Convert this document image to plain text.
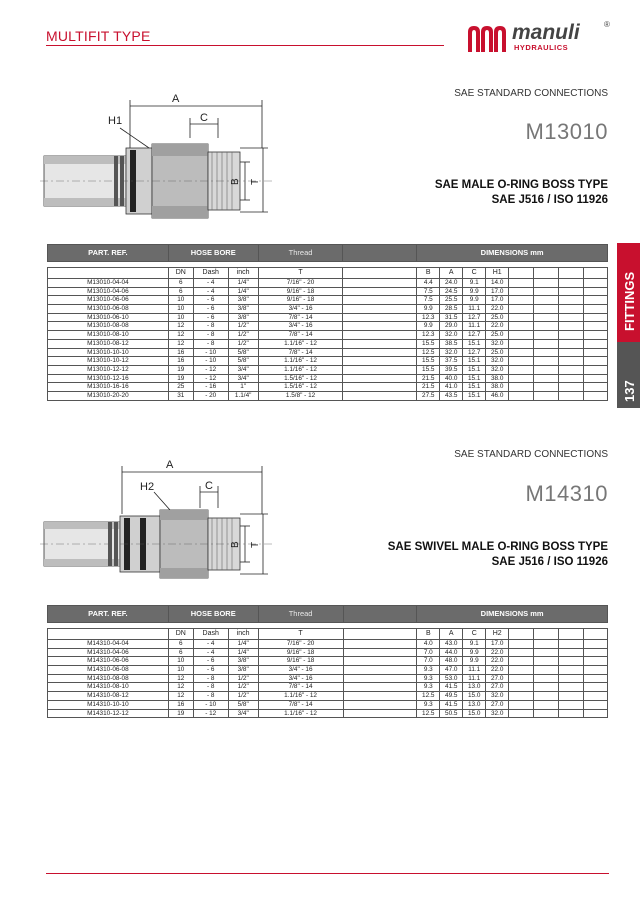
MULTIFIT TYPE	manuli
HYDRAULICS
®
FITTINGS
137
SAE STANDARD CONNECTIONS
M13010
SAE MALE O-RING BOSS TYPE
SAE J516 / ISO 11926
A
C
H1
B T
PART. REF.	HOSE BORE			Thread		DIMENSIONS mm							

	DN	Dash	inch	T		B	A	C	H1				
M13010-04-04	6	- 4	1/4"	7/16" - 20		4.4	24.0	9.1	14.0				
M13010-04-06	6	- 4	1/4"	9/16" - 18		7.5	24.5	9.9	17.0				
M13010-06-06	10	- 6	3/8"	9/16" - 18		7.5	25.5	9.9	17.0				
M13010-06-08	10	- 6	3/8"	3/4" - 16		9.9	28.5	11.1	22.0				
M13010-06-10	10	- 6	3/8"	7/8" - 14		12.3	31.5	12.7	25.0				
M13010-08-08	12	- 8	1/2"	3/4" - 16		9.9	29.0	11.1	22.0				
M13010-08-10	12	- 8	1/2"	7/8" - 14		12.3	32.0	12.7	25.0				
M13010-08-12	12	- 8	1/2"	1.1/16" - 12		15.5	38.5	15.1	32.0				
M13010-10-10	16	- 10	5/8"	7/8" - 14		12.5	32.0	12.7	25.0				
M13010-10-12	16	- 10	5/8"	1.1/16" - 12		15.5	37.5	15.1	32.0				
M13010-12-12	19	- 12	3/4"	1.1/16" - 12		15.5	39.5	15.1	32.0				
M13010-12-16	19	- 12	3/4"	1.5/16" - 12		21.5	40.0	15.1	38.0				
M13010-16-16	25	- 16	1"	1.5/16" - 12		21.5	41.0	15.1	38.0				
M13010-20-20	31	- 20	1.1/4"	1.5/8" - 12		27.5	43.5	15.1	46.0				
SAE STANDARD CONNECTIONS
M14310
SAE SWIVEL MALE O-RING BOSS TYPE
SAE J516 / ISO 11926
A
C
H2
B T
PART. REF.	HOSE BORE			Thread		DIMENSIONS mm							

	DN	Dash	inch	T		B	A	C	H2				
M14310-04-04	6	- 4	1/4"	7/16" - 20		4.0	43.0	9.1	17.0				
M14310-04-06	6	- 4	1/4"	9/16" - 18		7.0	44.0	9.9	22.0				
M14310-06-06	10	- 6	3/8"	9/16" - 18		7.0	48.0	9.9	22.0				
M14310-06-08	10	- 6	3/8"	3/4" - 16		9.3	47.0	11.1	22.0				
M14310-08-08	12	- 8	1/2"	3/4" - 16		9.3	53.0	11.1	27.0				
M14310-08-10	12	- 8	1/2"	7/8" - 14		9.3	41.5	13.0	27.0				
M14310-08-12	12	- 8	1/2"	1.1/16" - 12		12.5	49.5	15.0	32.0				
M14310-10-10	16	- 10	5/8"	7/8" - 14		9.3	41.5	13.0	27.0				
M14310-12-12	19	- 12	3/4"	1.1/16" - 12		12.5	50.5	15.0	32.0				
